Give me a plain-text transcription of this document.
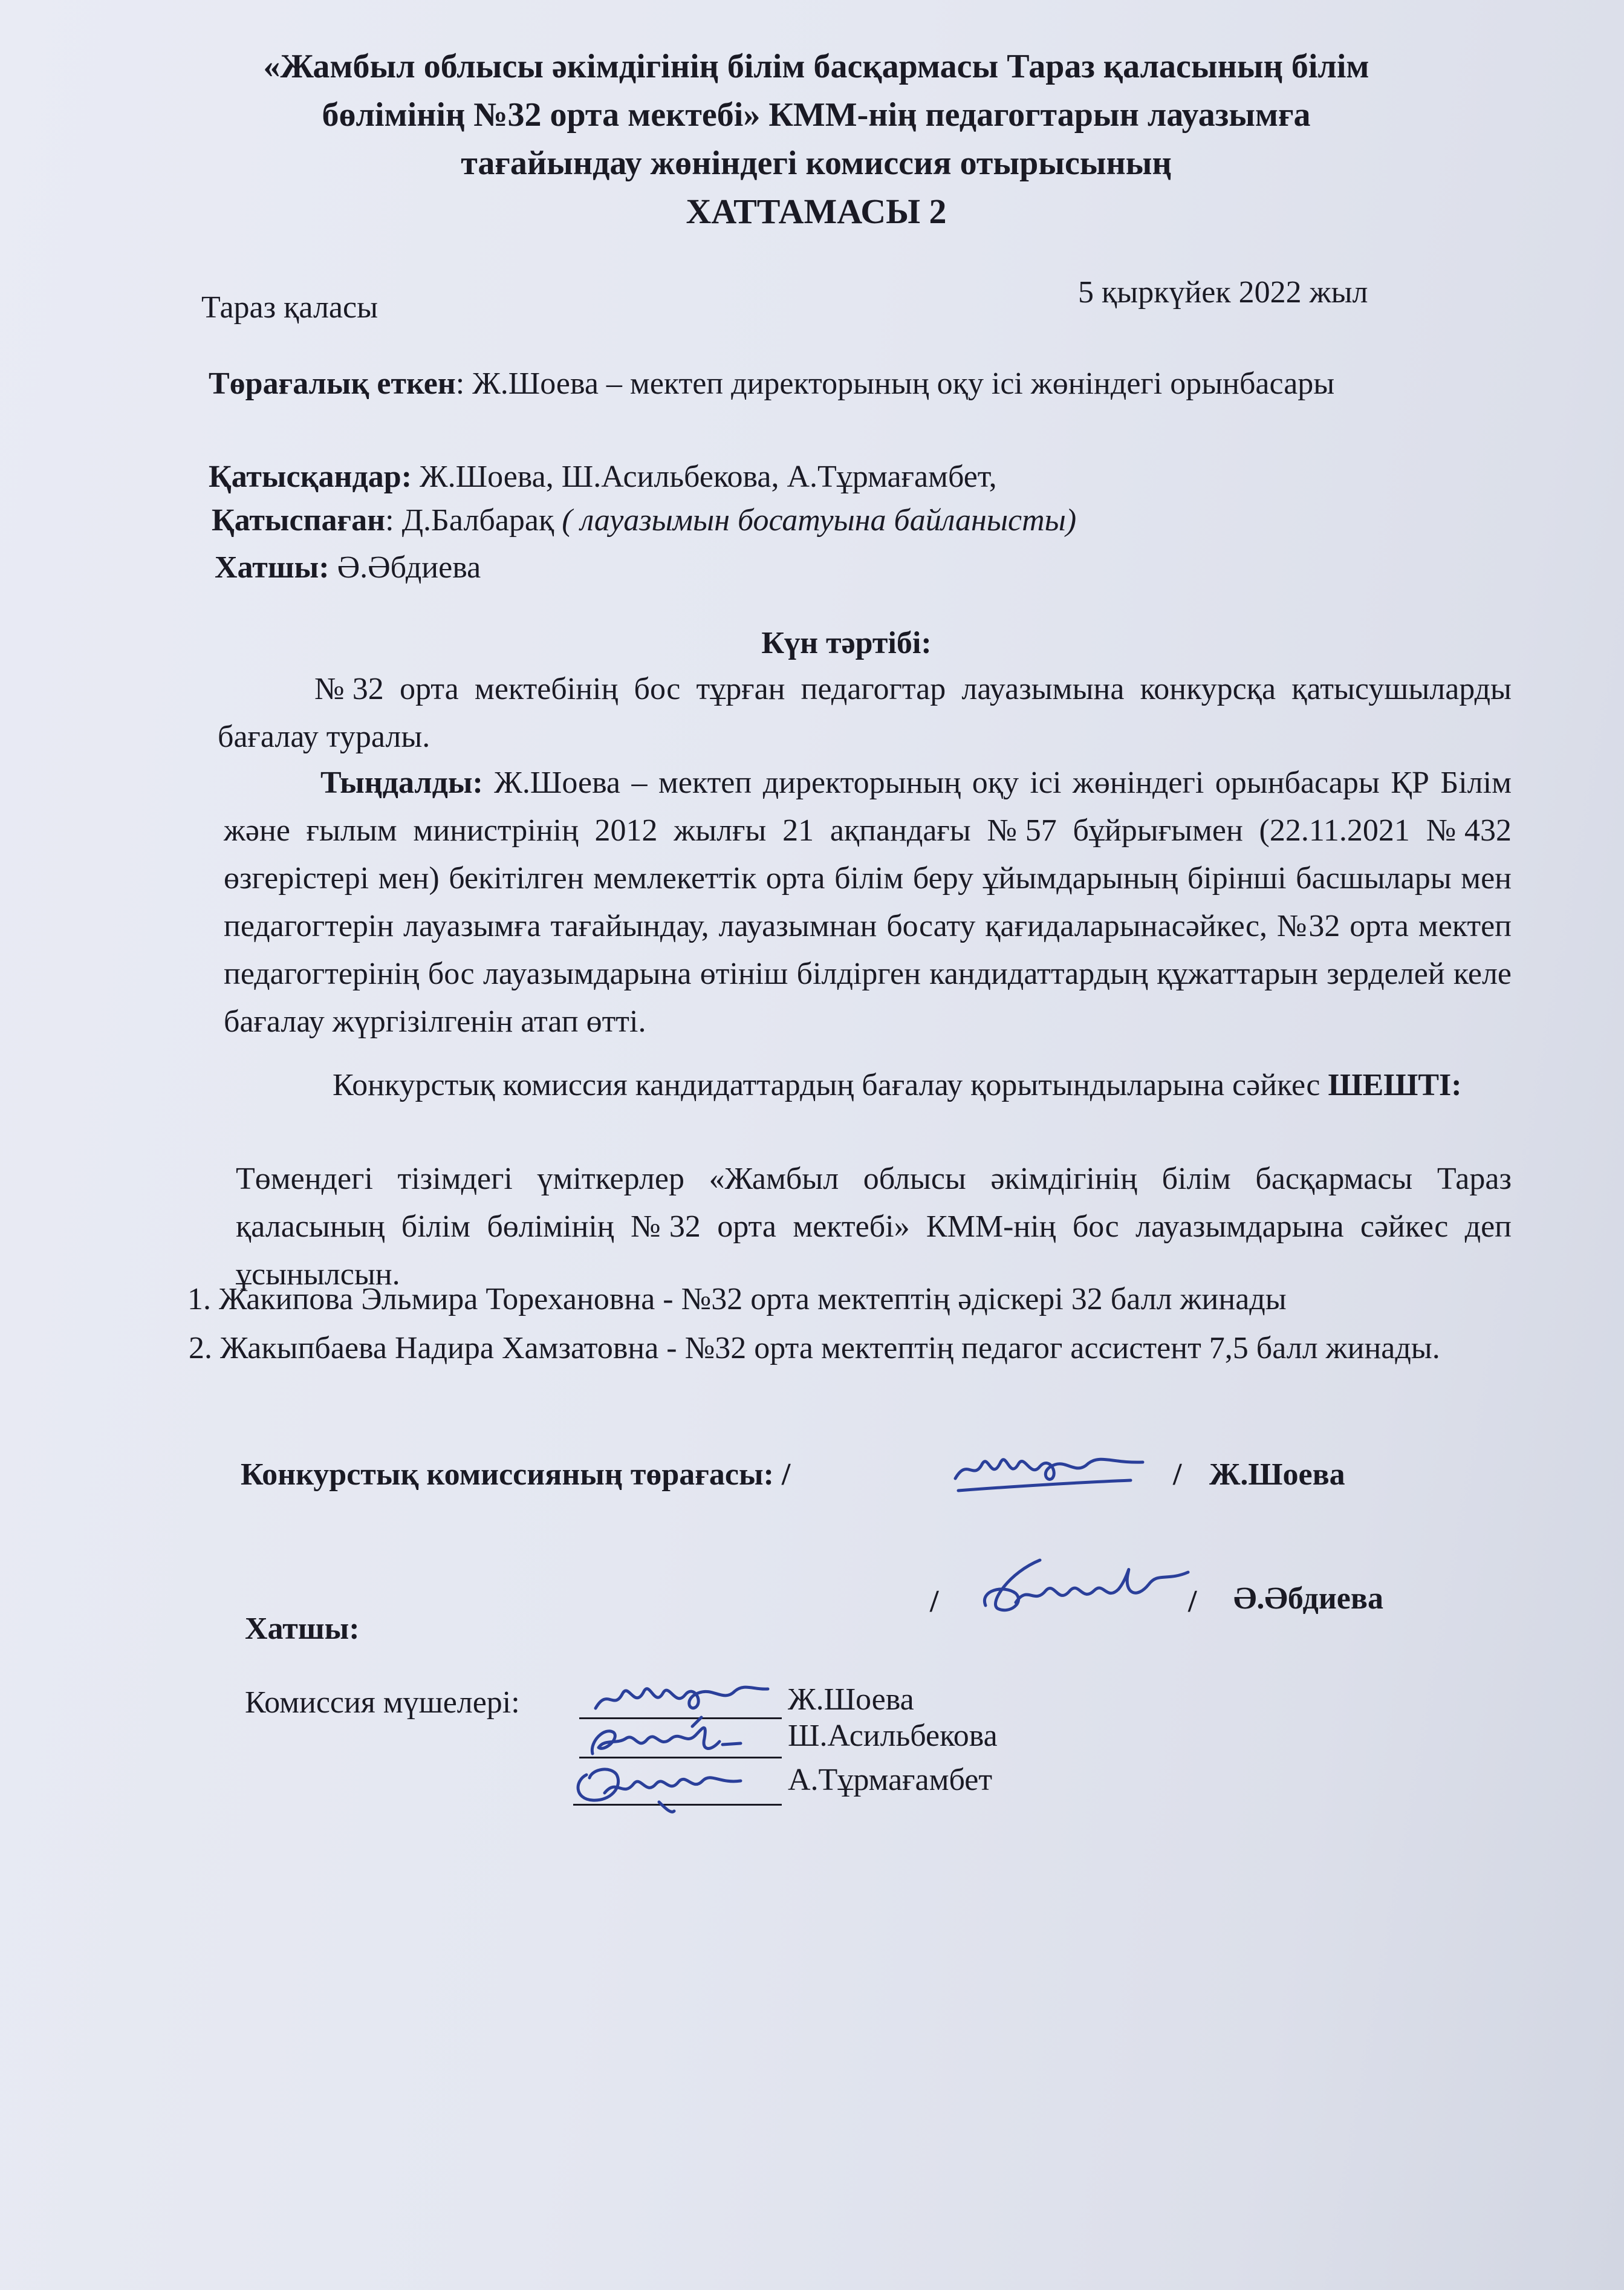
«Жамбыл облысы әкімдігінің білім басқармасы Тараз қаласының білім
бөлімінің №32 орта мектебі» КММ-нің педагогтарын лауазымға
тағайындау жөніндегі комиссия отырысының
ХАТТАМАСЫ 2
Тараз қаласы	5 қыркүйек 2022 жыл
Төрағалық еткен: Ж.Шоева – мектеп директорының оқу ісі жөніндегі орынбасары
Қатысқандар: Ж.Шоева, Ш.Асильбекова, А.Тұрмағамбет,
Қатыспаған: Д.Балбарақ ( лауазымын босатуына байланысты)
Хатшы: Ә.Әбдиева
Күн тәртібі:
№32 орта мектебінің бос тұрған педагогтар лауазымына конкурсқа қатысушыларды бағалау туралы.
Тыңдалды: Ж.Шоева – мектеп директорының оқу ісі жөніндегі орынбасары ҚР Білім және ғылым министрінің 2012 жылғы 21 ақпандағы №57 бұйрығымен (22.11.2021 №432 өзгерістері мен) бекітілген мемлекеттік орта білім беру ұйымдарының бірінші басшылары мен педагогтерін лауазымға тағайындау, лауазымнан босату қағидаларынасәйкес, №32 орта мектеп педагогтерінің бос лауазымдарына өтініш білдірген кандидаттардың құжаттарын зерделей келе бағалау жүргізілгенін атап өтті.
Конкурстық комиссия кандидаттардың бағалау қорытындыларына сәйкес ШЕШТІ:
Төмендегі тізімдегі үміткерлер «Жамбыл облысы әкімдігінің білім басқармасы Тараз қаласының білім бөлімінің №32 орта мектебі» КММ-нің бос лауазымдарына сәйкес деп ұсынылсын.
1. Жакипова Эльмира Торехановна - №32 орта мектептің әдіскері 32 балл жинады
2. Жакыпбаева Надира Хамзатовна - №32 орта мектептің педагог ассистент 7,5 балл жинады.
Конкурстық комиссияның төрағасы: /	/ Ж.Шоева
Хатшы:
/	/ Ә.Әбдиева
Комиссия мүшелері:	Ж.Шоева
Ш.Асильбекова
А.Тұрмағамбет
